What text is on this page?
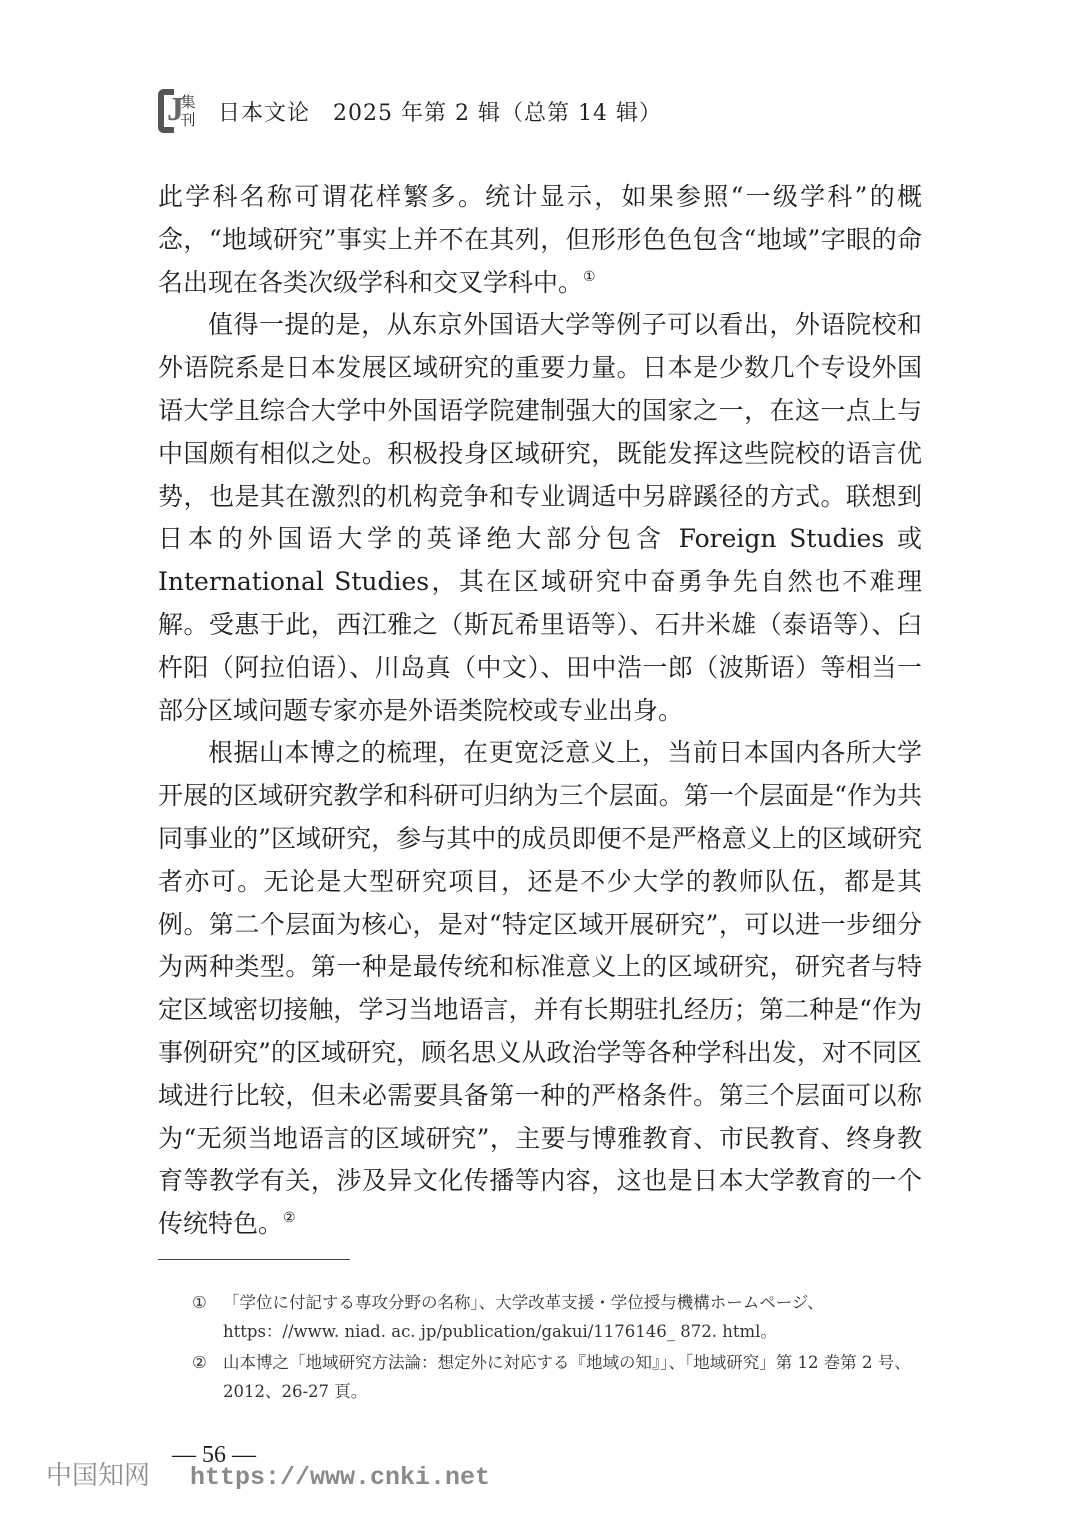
J
集刊 日本文论　2025 年第 2 辑（总第 14 辑）

此学科名称可谓花样繁多。统计显示，如果参照“一级学科”的概念，“地域研究”事实上并不在其列，但形形色色包含“地域”字眼的命名出现在各类次级学科和交叉学科中。①

值得一提的是，从东京外国语大学等例子可以看出，外语院校和外语院系是日本发展区域研究的重要力量。日本是少数几个专设外国语大学且综合大学中外国语学院建制强大的国家之一，在这一点上与中国颇有相似之处。积极投身区域研究，既能发挥这些院校的语言优势，也是其在激烈的机构竞争和专业调适中另辟蹊径的方式。联想到日本的外国语大学的英译绝大部分包含 Foreign Studies 或 International Studies，其在区域研究中奋勇争先自然也不难理解。受惠于此，西江雅之（斯瓦希里语等）、石井米雄（泰语等）、臼杵阳（阿拉伯语）、川岛真（中文）、田中浩一郎（波斯语）等相当一部分区域问题专家亦是外语类院校或专业出身。

根据山本博之的梳理，在更宽泛意义上，当前日本国内各所大学开展的区域研究教学和科研可归纳为三个层面。第一个层面是“作为共同事业的”区域研究，参与其中的成员即便不是严格意义上的区域研究者亦可。无论是大型研究项目，还是不少大学的教师队伍，都是其例。第二个层面为核心，是对“特定区域开展研究”，可以进一步细分为两种类型。第一种是最传统和标准意义上的区域研究，研究者与特定区域密切接触，学习当地语言，并有长期驻扎经历；第二种是“作为事例研究”的区域研究，顾名思义从政治学等各种学科出发，对不同区域进行比较，但未必需要具备第一种的严格条件。第三个层面可以称为“无须当地语言的区域研究”，主要与博雅教育、市民教育、终身教育等教学有关，涉及异文化传播等内容，这也是日本大学教育的一个传统特色。②

① 「学位に付記する専攻分野の名称」、大学改革支援・学位授与機構ホームページ、https：//www. niad. ac. jp/publication/gakui/1176146_ 872. html。
② 山本博之「地域研究方法論：想定外に対応する『地域の知』」、「地域研究」第 12 巻第 2 号、2012、26-27 頁。
— 56 —
中国知网 https://www.cnki.net
